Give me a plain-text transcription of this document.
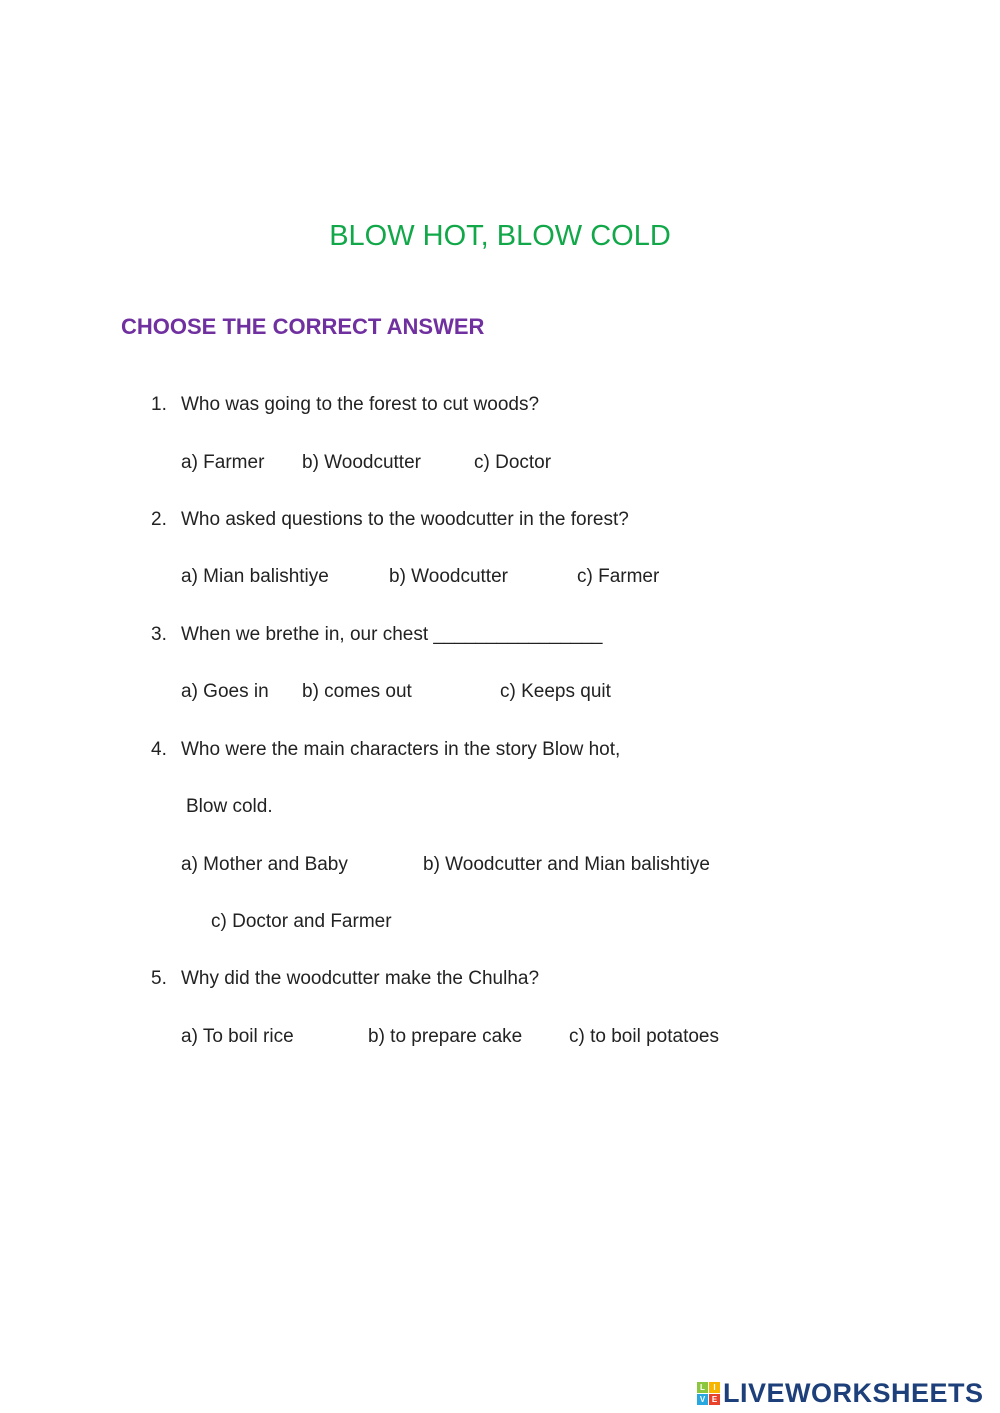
BLOW HOT, BLOW COLD
CHOOSE THE CORRECT ANSWER
1. Who was going to the forest to cut woods?
a) Farmer b) Woodcutter	c) Doctor
2. Who asked questions to the woodcutter in the forest?
a) Mian balishtiye	b) Woodcutter	c) Farmer
3. When we brethe in, our chest ________________
a) Goes in b) comes out	c) Keeps quit
4. Who were the main characters in the story Blow hot,
Blow cold.
a) Mother and Baby	b) Woodcutter and Mian balishtiye
c) Doctor and Farmer
5. Why did the woodcutter make the Chulha?
a) To boil rice	b) to prepare cake c) to boil potatoes
L	I
V E LIVEWORKSHEETS
